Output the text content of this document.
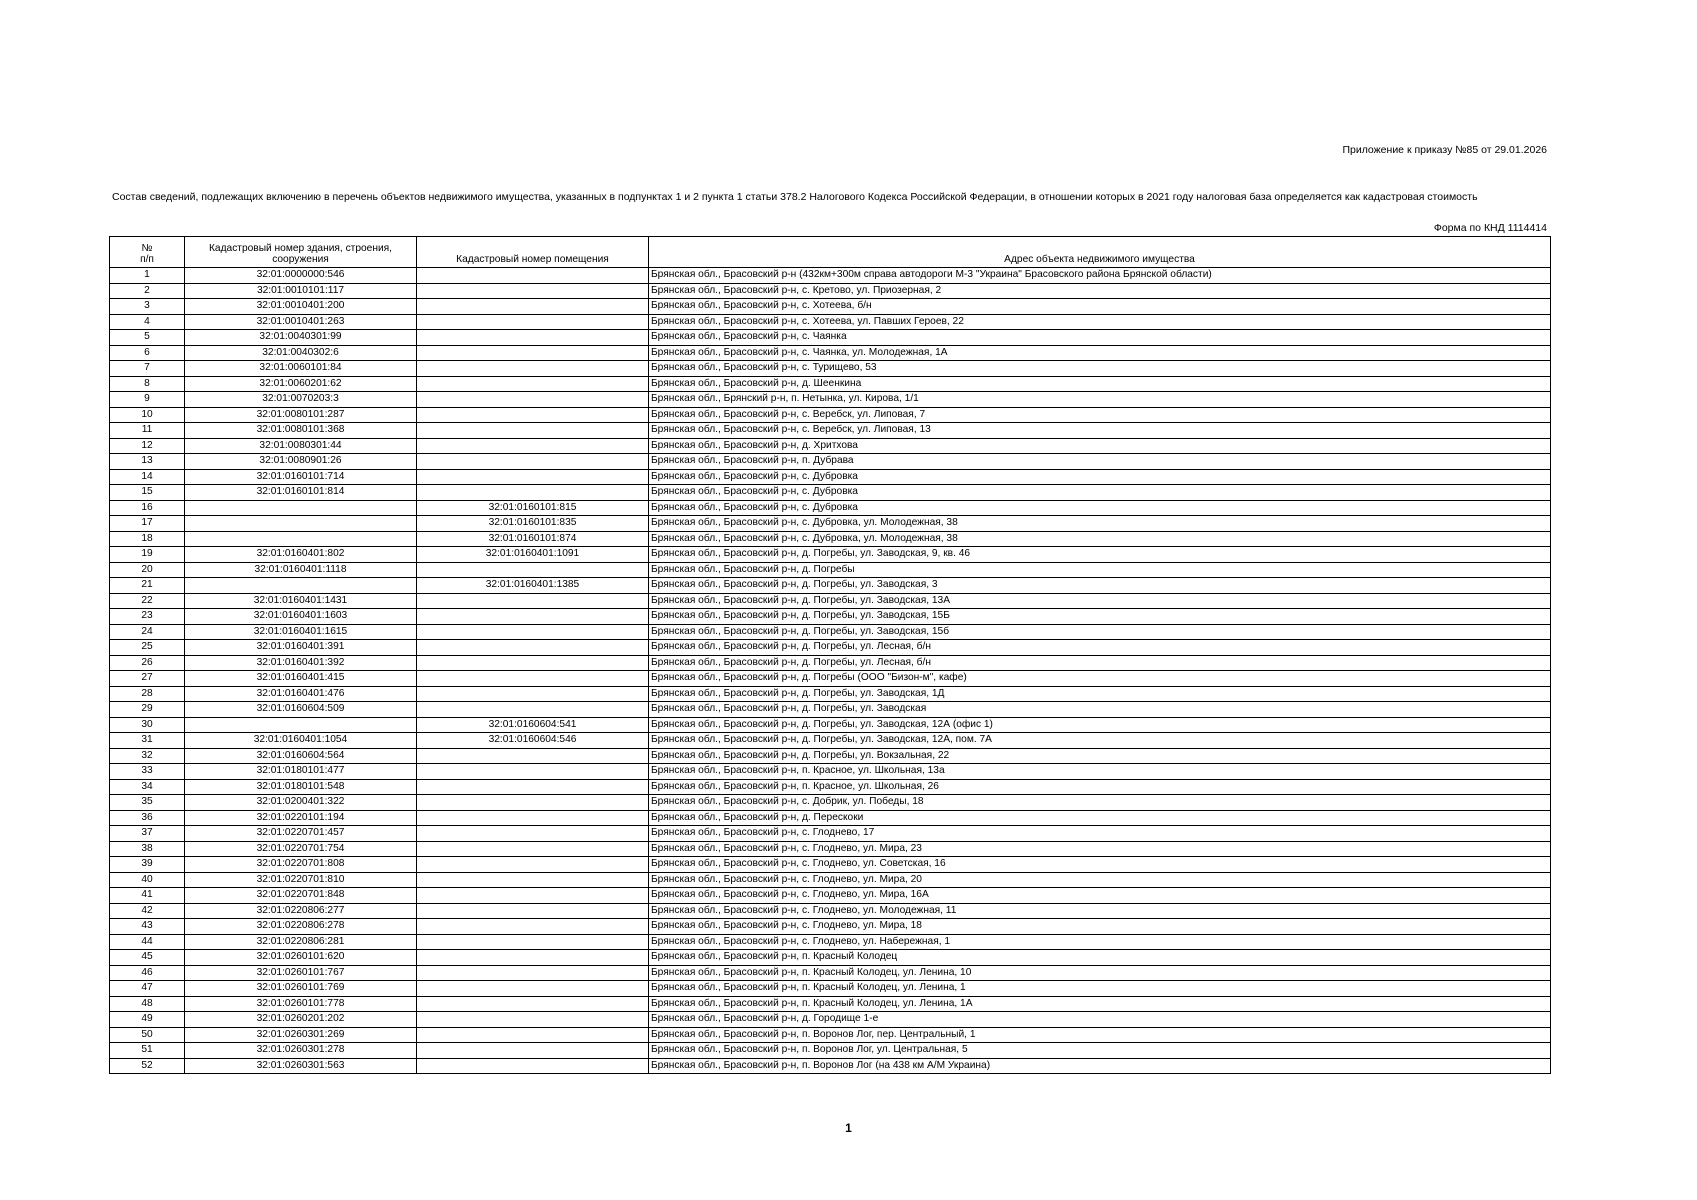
Приложение к приказу №85 от 29.01.2026
Состав сведений, подлежащих включению в перечень объектов недвижимого имущества, указанных в подпунктах 1 и 2 пункта 1 статьи 378.2 Налогового Кодекса Российской Федерации, в отношении которых в 2021 году налоговая база определяется как кадастровая стоимость
Форма по КНД 1114414
№
п/п	Кадастровый номер здания, строения, сооружения	Кадастровый номер помещения	Адрес объекта недвижимого имущества
1	32:01:0000000:546		Брянская обл., Брасовский р-н (432км+300м справа автодороги М-3 "Украина" Брасовского района Брянской области)
2	32:01:0010101:117		Брянская обл., Брасовский р-н, с. Кретово, ул. Приозерная, 2
3	32:01:0010401:200		Брянская обл., Брасовский р-н, с. Хотеева, б/н
4	32:01:0010401:263		Брянская обл., Брасовский р-н, с. Хотеева, ул. Павших Героев, 22
5	32:01:0040301:99		Брянская обл., Брасовский р-н, с. Чаянка
6	32:01:0040302:6		Брянская обл., Брасовский р-н, с. Чаянка, ул. Молодежная, 1А
7	32:01:0060101:84		Брянская обл., Брасовский р-н, с. Турищево, 53
8	32:01:0060201:62		Брянская обл., Брасовский р-н, д. Шеенкина
9	32:01:0070203:3		Брянская обл., Брянский р-н, п. Нетынка, ул. Кирова, 1/1
10	32:01:0080101:287		Брянская обл., Брасовский р-н, с. Веребск, ул. Липовая, 7
11	32:01:0080101:368		Брянская обл., Брасовский р-н, с. Веребск, ул. Липовая, 13
12	32:01:0080301:44		Брянская обл., Брасовский р-н, д. Хритхова
13	32:01:0080901:26		Брянская обл., Брасовский р-н, п. Дубрава
14	32:01:0160101:714		Брянская обл., Брасовский р-н, с. Дубровка
15	32:01:0160101:814		Брянская обл., Брасовский р-н, с. Дубровка
16		32:01:0160101:815	Брянская обл., Брасовский р-н, с. Дубровка
17		32:01:0160101:835	Брянская обл., Брасовский р-н, с. Дубровка, ул. Молодежная, 38
18		32:01:0160101:874	Брянская обл., Брасовский р-н, с. Дубровка, ул. Молодежная, 38
19	32:01:0160401:802	32:01:0160401:1091	Брянская обл., Брасовский р-н, д. Погребы, ул. Заводская, 9, кв. 46
20	32:01:0160401:1118		Брянская обл., Брасовский р-н, д. Погребы
21		32:01:0160401:1385	Брянская обл., Брасовский р-н, д. Погребы, ул. Заводская, 3
22	32:01:0160401:1431		Брянская обл., Брасовский р-н, д. Погребы, ул. Заводская, 13А
23	32:01:0160401:1603		Брянская обл., Брасовский р-н, д. Погребы, ул. Заводская, 15Б
24	32:01:0160401:1615		Брянская обл., Брасовский р-н, д. Погребы, ул. Заводская, 15б
25	32:01:0160401:391		Брянская обл., Брасовский р-н, д. Погребы, ул. Лесная, б/н
26	32:01:0160401:392		Брянская обл., Брасовский р-н, д. Погребы, ул. Лесная, б/н
27	32:01:0160401:415		Брянская обл., Брасовский р-н, д. Погребы (ООО "Бизон-м", кафе)
28	32:01:0160401:476		Брянская обл., Брасовский р-н, д. Погребы, ул. Заводская, 1Д
29	32:01:0160604:509		Брянская обл., Брасовский р-н, д. Погребы, ул. Заводская
30		32:01:0160604:541	Брянская обл., Брасовский р-н, д. Погребы, ул. Заводская, 12А (офис 1)
31	32:01:0160401:1054	32:01:0160604:546	Брянская обл., Брасовский р-н, д. Погребы, ул. Заводская, 12А, пом. 7А
32	32:01:0160604:564		Брянская обл., Брасовский р-н, д. Погребы, ул. Вокзальная, 22
33	32:01:0180101:477		Брянская обл., Брасовский р-н, п. Красное, ул. Школьная, 13а
34	32:01:0180101:548		Брянская обл., Брасовский р-н, п. Красное, ул. Школьная, 26
35	32:01:0200401:322		Брянская обл., Брасовский р-н, с. Добрик, ул. Победы, 18
36	32:01:0220101:194		Брянская обл., Брасовский р-н, д. Перескоки
37	32:01:0220701:457		Брянская обл., Брасовский р-н, с. Глоднево, 17
38	32:01:0220701:754		Брянская обл., Брасовский р-н, с. Глоднево, ул. Мира, 23
39	32:01:0220701:808		Брянская обл., Брасовский р-н, с. Глоднево, ул. Советская, 16
40	32:01:0220701:810		Брянская обл., Брасовский р-н, с. Глоднево, ул. Мира, 20
41	32:01:0220701:848		Брянская обл., Брасовский р-н, с. Глоднево, ул. Мира, 16А
42	32:01:0220806:277		Брянская обл., Брасовский р-н, с. Глоднево, ул. Молодежная, 11
43	32:01:0220806:278		Брянская обл., Брасовский р-н, с. Глоднево, ул. Мира, 18
44	32:01:0220806:281		Брянская обл., Брасовский р-н, с. Глоднево, ул. Набережная, 1
45	32:01:0260101:620		Брянская обл., Брасовский р-н, п. Красный Колодец
46	32:01:0260101:767		Брянская обл., Брасовский р-н, п. Красный Колодец, ул. Ленина, 10
47	32:01:0260101:769		Брянская обл., Брасовский р-н, п. Красный Колодец, ул. Ленина, 1
48	32:01:0260101:778		Брянская обл., Брасовский р-н, п. Красный Колодец, ул. Ленина, 1А
49	32:01:0260201:202		Брянская обл., Брасовский р-н, д. Городище 1-е
50	32:01:0260301:269		Брянская обл., Брасовский р-н, п. Воронов Лог, пер. Центральный, 1
51	32:01:0260301:278		Брянская обл., Брасовский р-н, п. Воронов Лог, ул. Центральная, 5
52	32:01:0260301:563		Брянская обл., Брасовский р-н, п. Воронов Лог (на 438 км А/М Украина)
1
